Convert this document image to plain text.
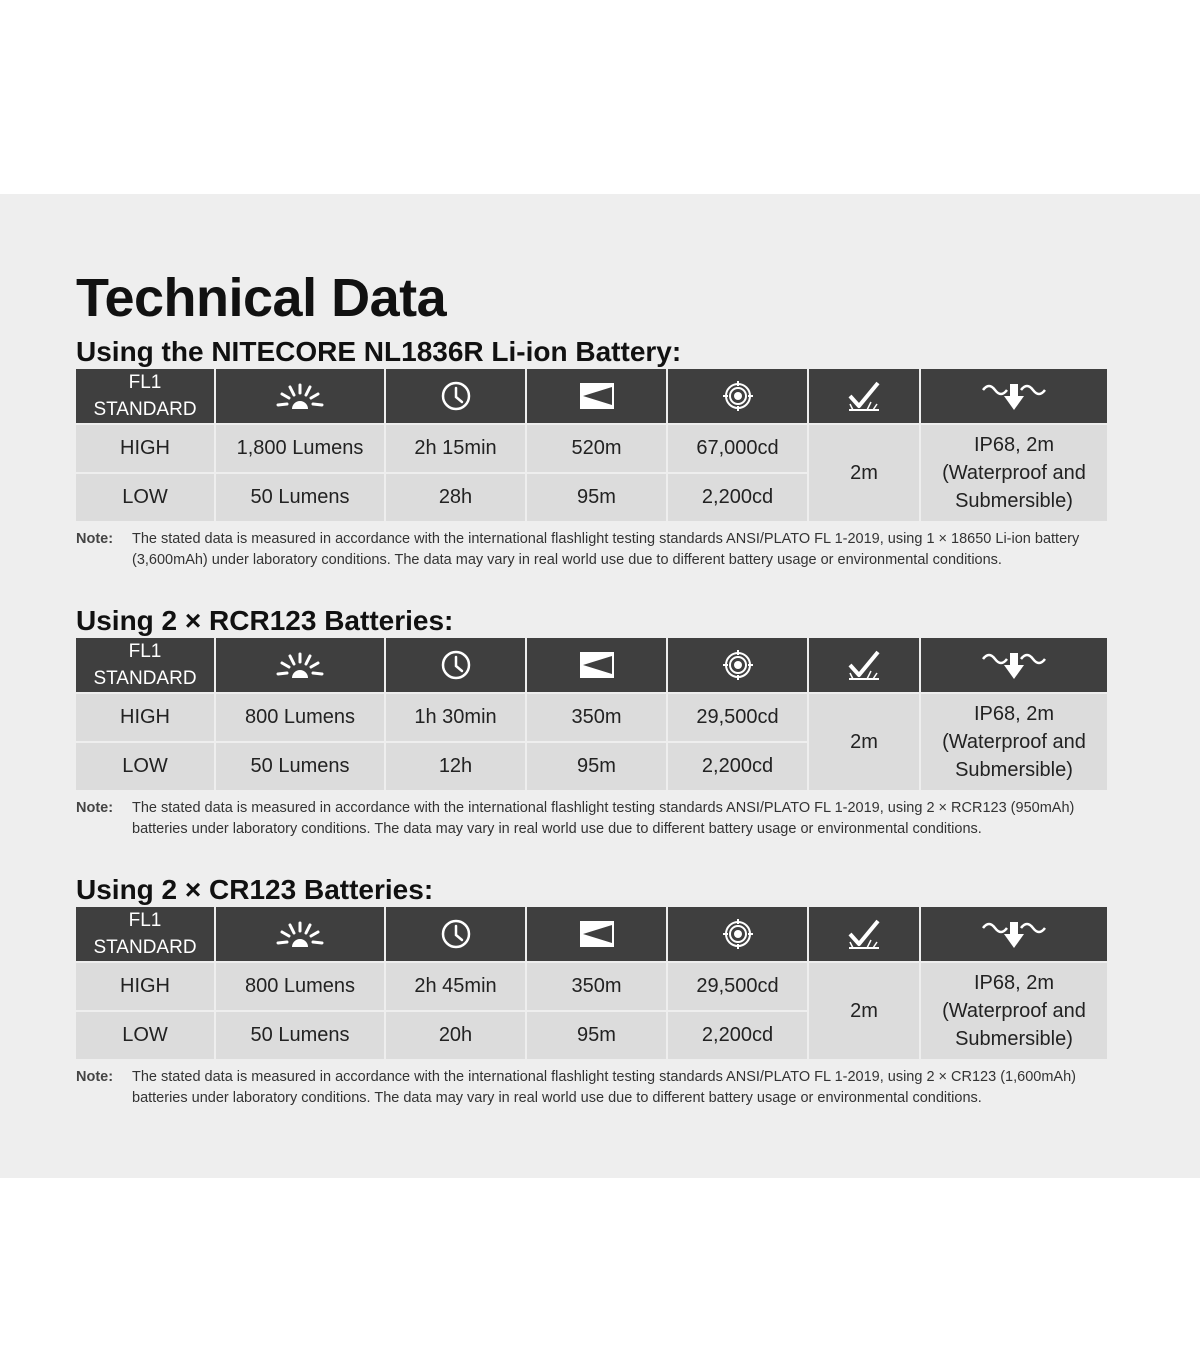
Technical Data
Using the NITECORE NL1836R Li-ion Battery:
FL1
STANDARD

HIGH	1,800 Lumens	2h 15min	520m	67,000cd	2m	IP68, 2m
(Waterproof and
Submersible)

LOW	50 Lumens	28h	95m	2,200cd		
Note:	The stated data is measured in accordance with the international flashlight testing standards ANSI/PLATO FL 1-2019, using 1 × 18650 Li-ion battery (3,600mAh) under laboratory conditions. The data may vary in real world use due to different battery usage or environmental conditions.
Using 2 × RCR123 Batteries:
FL1
STANDARD

HIGH	800 Lumens	1h 30min	350m	29,500cd	2m	IP68, 2m
(Waterproof and
Submersible)

LOW	50 Lumens	12h	95m	2,200cd		
Note:	The stated data is measured in accordance with the international flashlight testing standards ANSI/PLATO FL 1-2019, using 2 × RCR123 (950mAh) batteries under laboratory conditions. The data may vary in real world use due to different battery usage or environmental conditions.
Using 2 × CR123 Batteries:
FL1
STANDARD

HIGH	800 Lumens	2h 45min	350m	29,500cd	2m	IP68, 2m
(Waterproof and
Submersible)

LOW	50 Lumens	20h	95m	2,200cd		
Note:	The stated data is measured in accordance with the international flashlight testing standards ANSI/PLATO FL 1-2019, using 2 × CR123 (1,600mAh) batteries under laboratory conditions. The data may vary in real world use due to different battery usage or environmental conditions.
